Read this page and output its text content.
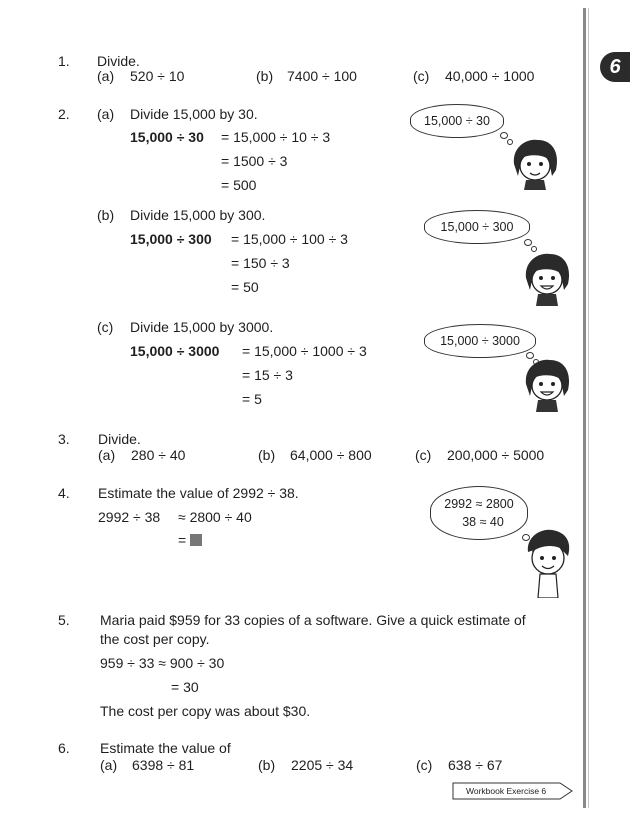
6
1. Divide.
(a) 520 ÷ 10	(b) 7400 ÷ 100	(c) 40,000 ÷ 1000
2. (a) Divide 15,000 by 30.
15,000 ÷ 30 = 15,000 ÷ 10 ÷ 3
= 1500 ÷ 3
= 500
15,000 ÷ 30
(b) Divide 15,000 by 300.
15,000 ÷ 300 = 15,000 ÷ 100 ÷ 3
= 150 ÷ 3
= 50
15,000 ÷ 300
(c) Divide 15,000 by 3000.
15,000 ÷ 3000 = 15,000 ÷ 1000 ÷ 3
= 15 ÷ 3
= 5
15,000 ÷ 3000
3. Divide.
(a) 280 ÷ 40	(b) 64,000 ÷ 800	(c) 200,000 ÷ 5000
4. Estimate the value of 2992 ÷ 38.
2992 ÷ 38 ≈ 2800 ÷ 40
=
2992 ≈ 2800
38 ≈ 40
5. Maria paid $959 for 33 copies of a software. Give a quick estimate of
the cost per copy.
959 ÷ 33 ≈ 900 ÷ 30
= 30
The cost per copy was about $30.
6. Estimate the value of
(a) 6398 ÷ 81	(b) 2205 ÷ 34	(c) 638 ÷ 67
Workbook Exercise 6
